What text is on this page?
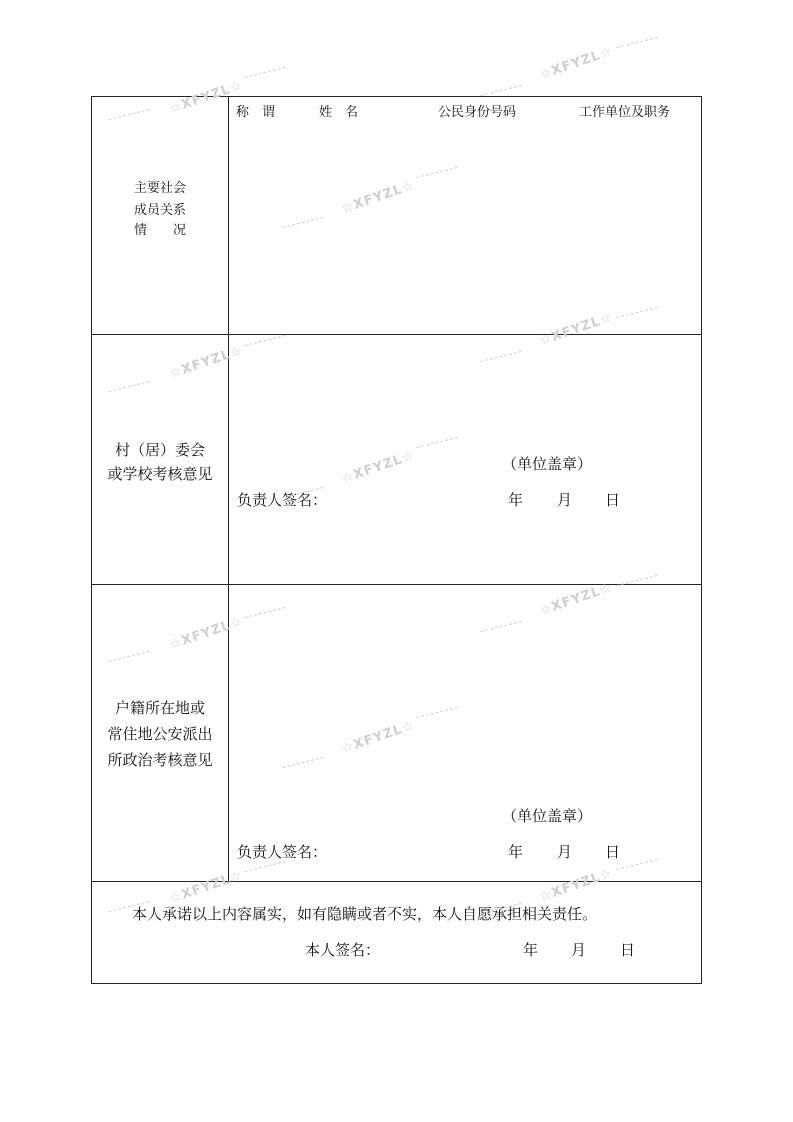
主要社会
成员关系
情　　况
称　谓	姓　名	公民身份号码	工作单位及职务
村（居）委会
或学校考核意见
（单位盖章）
负责人签名：	年 月 日
户籍所在地或
常住地公安派出
所政治考核意见
（单位盖章）
负责人签名：	年 月 日
本人承诺以上内容属实，如有隐瞒或者不实，本人自愿承担相关责任。
本人签名：	年 月 日
☆XFYZL☆
☆XFYZL☆
☆XFYZL☆
☆XFYZL☆
☆XFYZL☆
☆XFYZL☆
☆XFYZL☆
☆XFYZL☆
☆XFYZL☆
☆XFYZL☆	☆XFYZL☆
